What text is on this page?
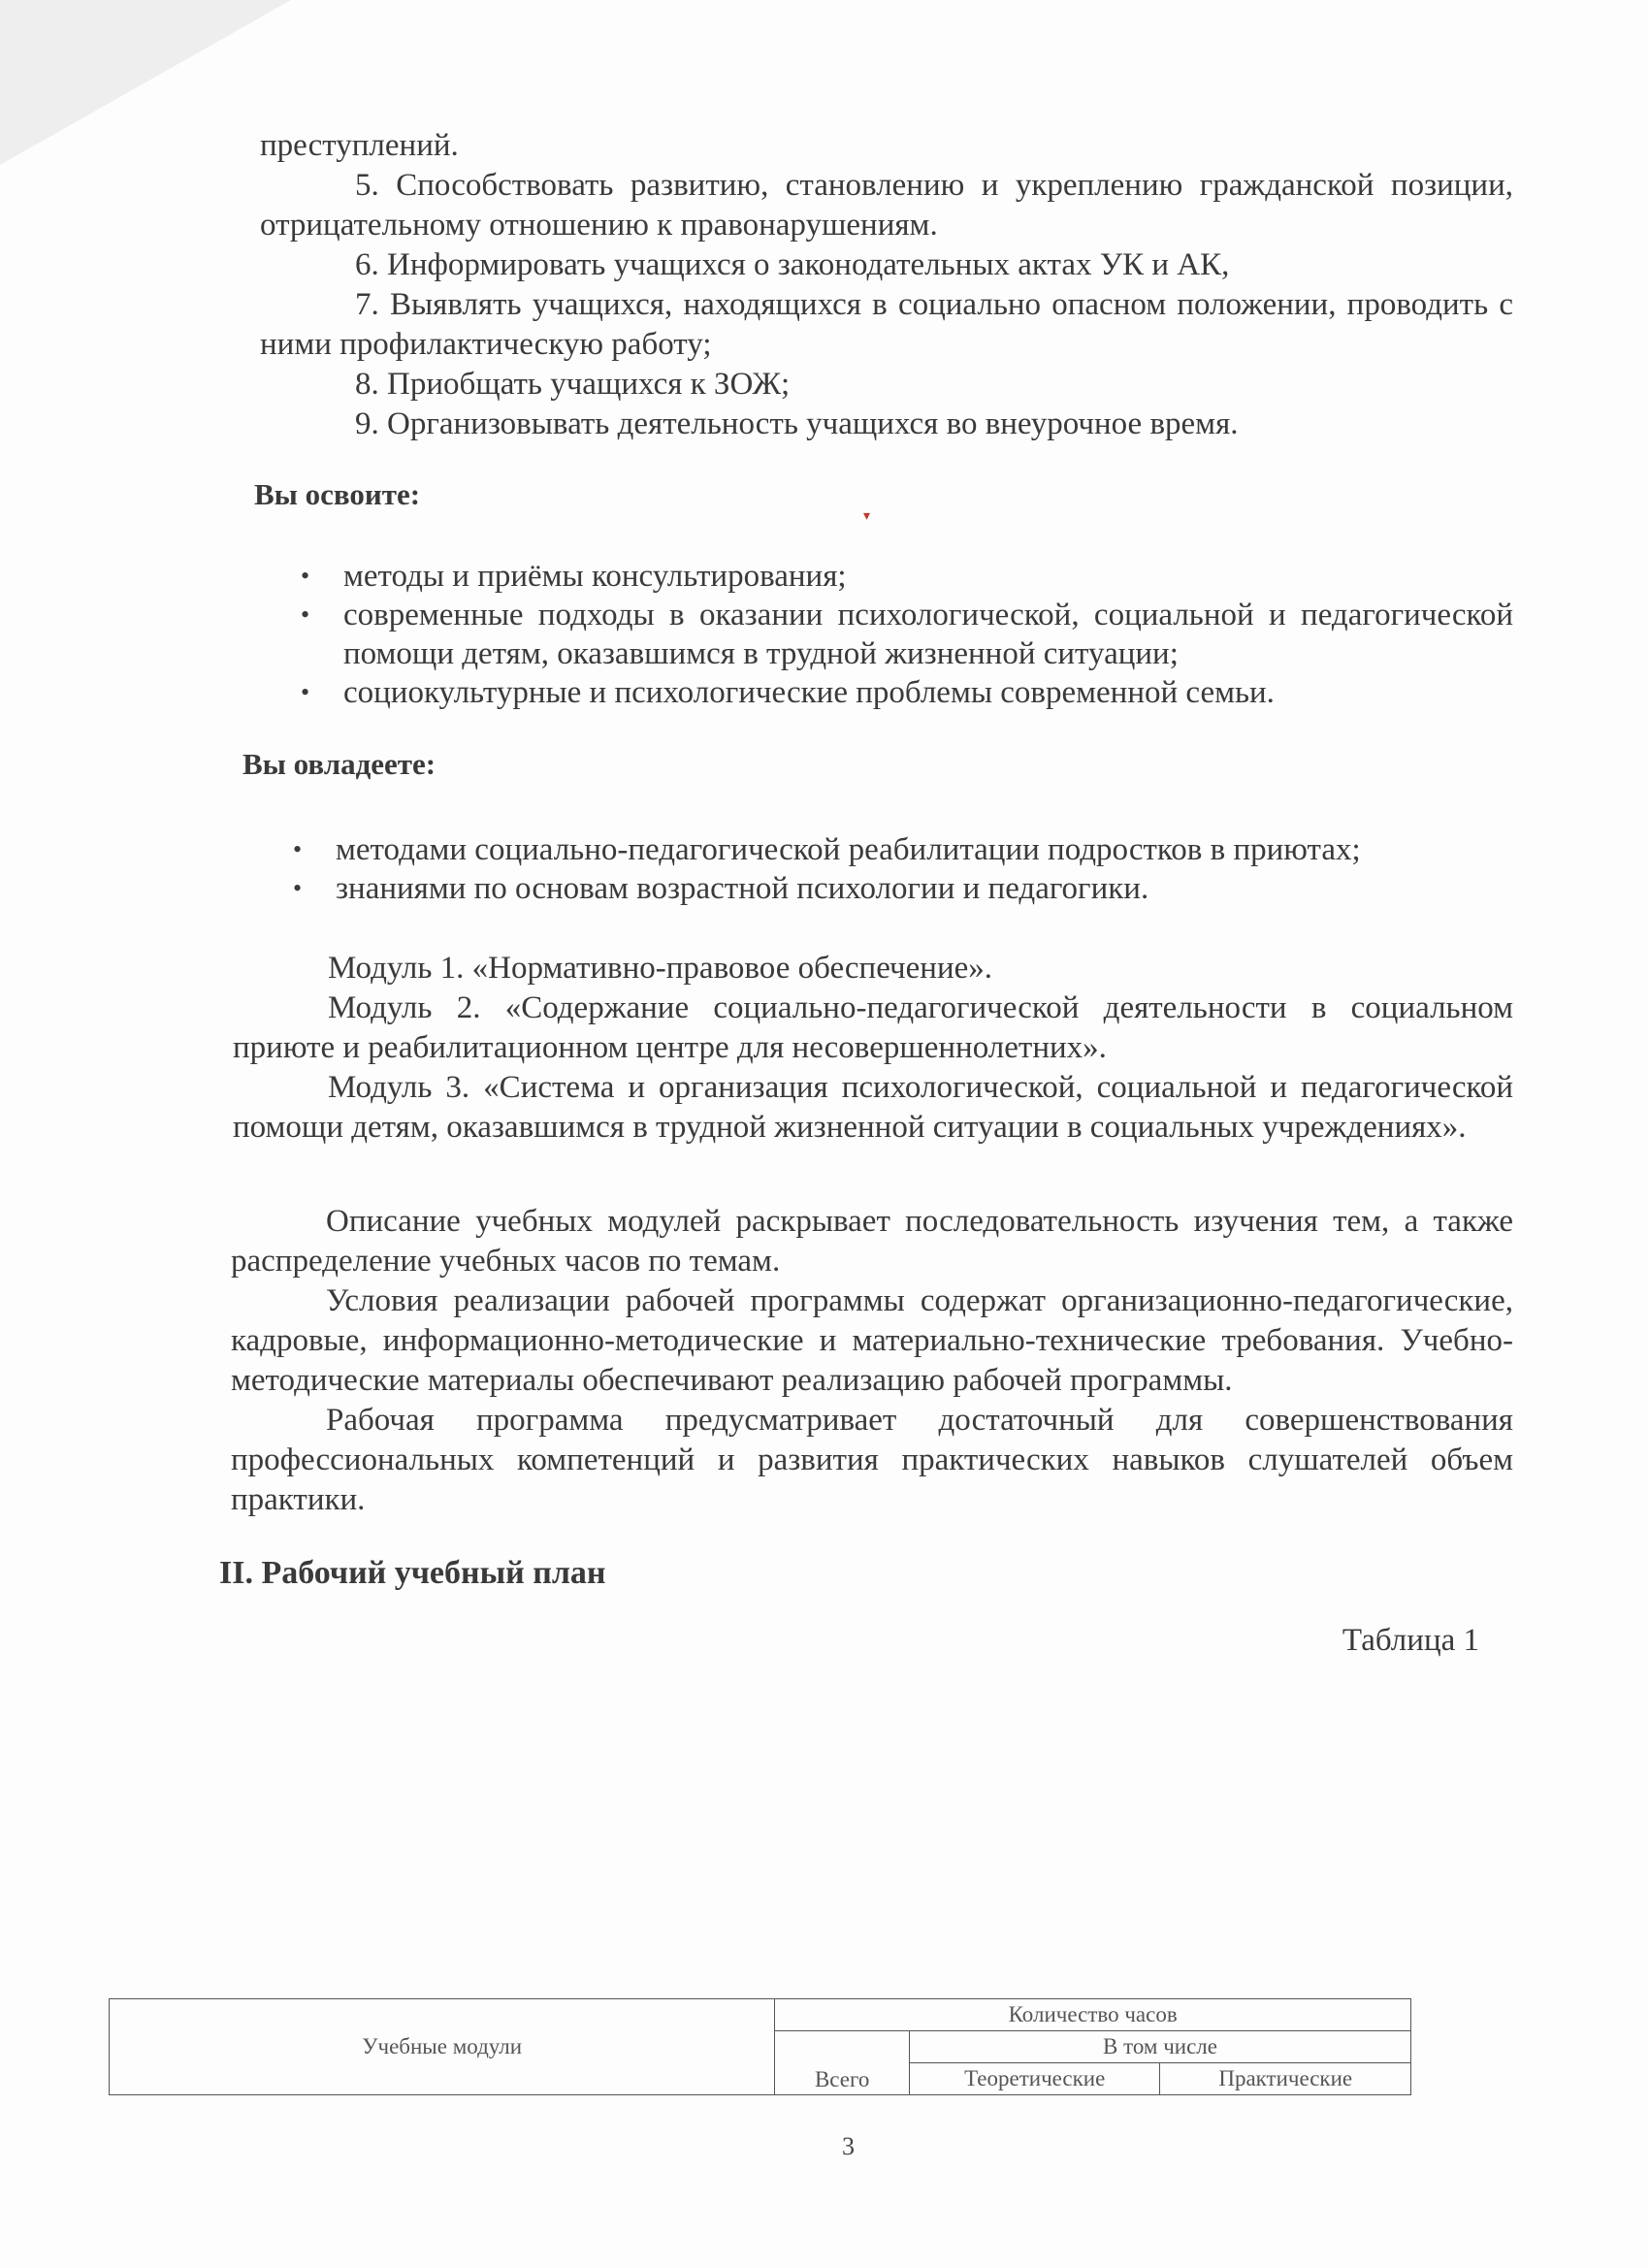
▾

преступлений.

5. Способствовать развитию, становлению и укреплению гражданской позиции, отрицательному отношению к правонарушениям.

6. Информировать учащихся о законодательных актах УК и АК,

7. Выявлять учащихся, находящихся в социально опасном положении, проводить с ними профилактическую работу;

8. Приобщать учащихся к ЗОЖ;

9. Организовывать деятельность учащихся во внеурочное время.

Вы освоите:

• методы и приёмы консультирования;
• современные подходы в оказании психологической, социальной и педагогической помощи детям, оказавшимся в трудной жизненной ситуации;
• социокультурные и психологические проблемы современной семьи.

Вы овладеете:

• методами социально-педагогической реабилитации подростков в приютах;
• знаниями по основам возрастной психологии и педагогики.

Модуль 1. «Нормативно-правовое обеспечение».

Модуль 2. «Содержание социально-педагогической деятельности в социальном приюте и реабилитационном центре для несовершеннолетних».

Модуль 3. «Система и организация психологической, социальной и педагогической помощи детям, оказавшимся в трудной жизненной ситуации в социальных учреждениях».

Описание учебных модулей раскрывает последовательность изучения тем, а также распределение учебных часов по темам.

Условия реализации рабочей программы содержат организационно-педагогические, кадровые, информационно-методические и материально-технические требования. Учебно-методические материалы обеспечивают реализацию рабочей программы.

Рабочая программа предусматривает достаточный для совершенствования профессиональных компетенций и развития практических навыков слушателей объем практики.

II. Рабочий учебный план

Таблица 1

Учебные модули	Количество часов		
	Всего	В том числе	
		Теоретические	Практические
3
